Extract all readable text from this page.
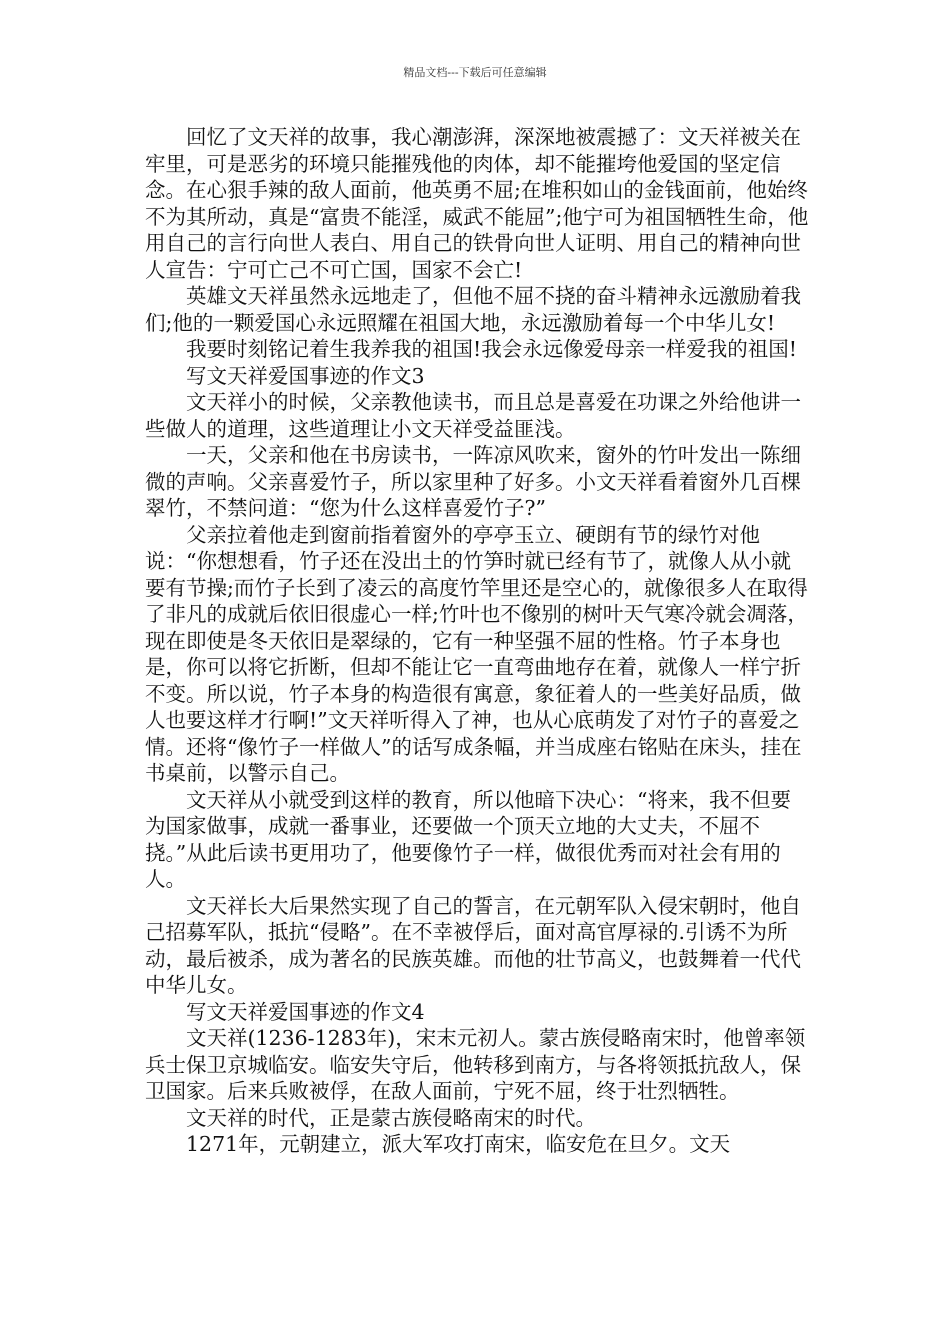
精品文档---下载后可任意编辑

回忆了文天祥的故事，我心潮澎湃，深深地被震撼了：文天祥被关在牢里，可是恶劣的环境只能摧残他的肉体，却不能摧垮他爱国的坚定信念。在心狠手辣的敌人面前，他英勇不屈;在堆积如山的金钱面前，他始终不为其所动，真是“富贵不能淫，威武不能屈”;他宁可为祖国牺牲生命，他用自己的言行向世人表白、用自己的铁骨向世人证明、用自己的精神向世人宣告：宁可亡己不可亡国，国家不会亡!

英雄文天祥虽然永远地走了，但他不屈不挠的奋斗精神永远激励着我们;他的一颗爱国心永远照耀在祖国大地，永远激励着每一个中华儿女!

我要时刻铭记着生我养我的祖国!我会永远像爱母亲一样爱我的祖国!

写文天祥爱国事迹的作文3

文天祥小的时候，父亲教他读书，而且总是喜爱在功课之外给他讲一些做人的道理，这些道理让小文天祥受益匪浅。

一天，父亲和他在书房读书，一阵凉风吹来，窗外的竹叶发出一陈细微的声响。父亲喜爱竹子，所以家里种了好多。小文天祥看着窗外几百棵翠竹，不禁问道：“您为什么这样喜爱竹子?”

父亲拉着他走到窗前指着窗外的亭亭玉立、硬朗有节的绿竹对他说：“你想想看，竹子还在没出土的竹笋时就已经有节了，就像人从小就要有节操;而竹子长到了凌云的高度竹竿里还是空心的，就像很多人在取得了非凡的成就后依旧很虚心一样;竹叶也不像别的树叶天气寒冷就会凋落，现在即使是冬天依旧是翠绿的，它有一种坚强不屈的性格。竹子本身也是，你可以将它折断，但却不能让它一直弯曲地存在着，就像人一样宁折不变。所以说，竹子本身的构造很有寓意，象征着人的一些美好品质，做人也要这样才行啊!”文天祥听得入了神，也从心底萌发了对竹子的喜爱之情。还将“像竹子一样做人”的话写成条幅，并当成座右铭贴在床头，挂在书桌前，以警示自己。

文天祥从小就受到这样的教育，所以他暗下决心：“将来，我不但要为国家做事，成就一番事业，还要做一个顶天立地的大丈夫，不屈不挠。”从此后读书更用功了，他要像竹子一样，做很优秀而对社会有用的人。

文天祥长大后果然实现了自己的誓言，在元朝军队入侵宋朝时，他自己招募军队，抵抗“侵略”。在不幸被俘后，面对高官厚禄的.引诱不为所动，最后被杀，成为著名的民族英雄。而他的壮节高义，也鼓舞着一代代中华儿女。

写文天祥爱国事迹的作文4

文天祥(1236-1283年)，宋末元初人。蒙古族侵略南宋时，他曾率领兵士保卫京城临安。临安失守后，他转移到南方，与各将领抵抗敌人，保卫国家。后来兵败被俘，在敌人面前，宁死不屈，终于壮烈牺牲。

文天祥的时代，正是蒙古族侵略南宋的时代。

1271年，元朝建立，派大军攻打南宋，临安危在旦夕。文天
